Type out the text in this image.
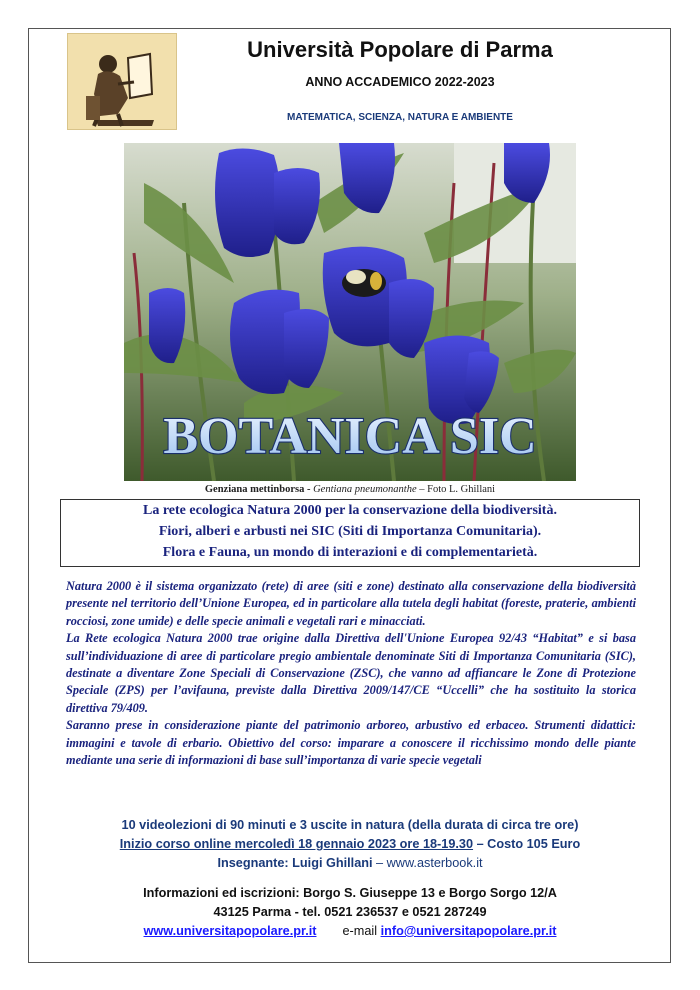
Università Popolare di Parma
ANNO ACCADEMICO 2022-2023
MATEMATICA, SCIENZA, NATURA E AMBIENTE
BOTANICA SIC
Genziana mettinborsa - Gentiana pneumonanthe – Foto L. Ghillani
La rete ecologica Natura 2000 per la conservazione della biodiversità.
Fiori, alberi e arbusti nei SIC (Siti di Importanza Comunitaria).
Flora e Fauna, un mondo di interazioni e di complementarietà.
Natura 2000 è il sistema organizzato (rete) di aree (siti e zone) destinato alla conservazione della biodiversità presente nel territorio dell’Unione Europea, ed in particolare alla tutela degli habitat (foreste, praterie, ambienti rocciosi, zone umide) e delle specie animali e vegetali rari e minacciati.
La Rete ecologica Natura 2000 trae origine dalla Direttiva dell'Unione Europea 92/43 “Habitat” e si basa sull’individuazione di aree di particolare pregio ambientale denominate Siti di Importanza Comunitaria (SIC), destinate a diventare Zone Speciali di Conservazione (ZSC), che vanno ad affiancare le Zone di Protezione Speciale (ZPS) per l’avifauna, previste dalla Direttiva 2009/147/CE “Uccelli” che ha sostituito la storica direttiva 79/409.
Saranno prese in considerazione piante del patrimonio arboreo, arbustivo ed erbaceo. Strumenti didattici: immagini e tavole di erbario. Obiettivo del corso: imparare a conoscere il ricchissimo mondo delle piante mediante una serie di informazioni di base sull’importanza di varie specie vegetali
10 videolezioni di 90 minuti e 3 uscite in natura (della durata di circa tre ore)
Inizio corso online mercoledì 18 gennaio 2023 ore 18-19.30 – Costo 105 Euro
Insegnante: Luigi Ghillani – www.asterbook.it
Informazioni ed iscrizioni: Borgo S. Giuseppe 13 e Borgo Sorgo 12/A
43125 Parma - tel. 0521 236537 e 0521 287249
www.universitapopolare.pr.it e-mail info@universitapopolare.pr.it
